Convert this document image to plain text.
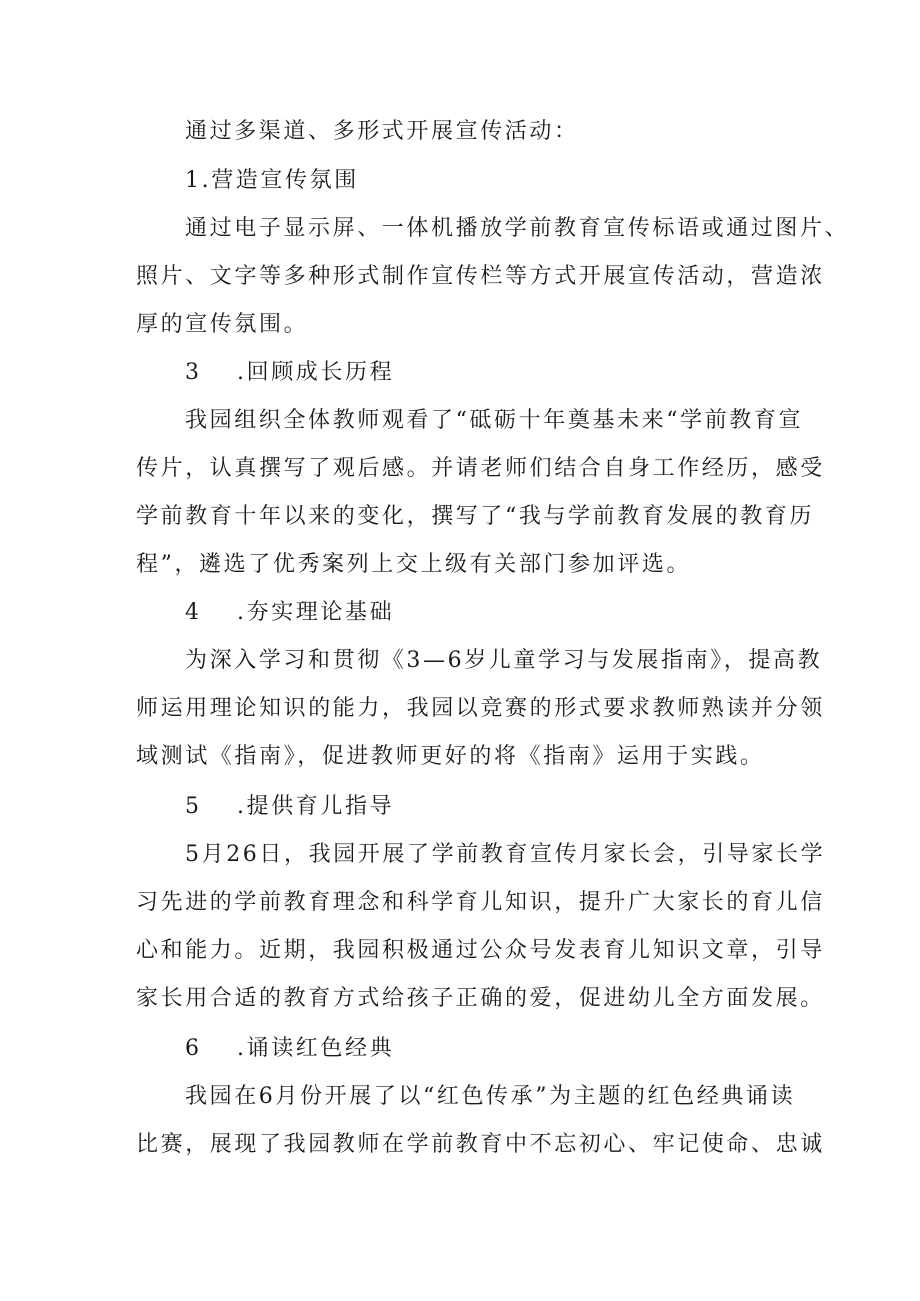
通过多渠道、多形式开展宣传活动：
1.营造宣传氛围
通过电子显示屏、一体机播放学前教育宣传标语或通过图片、
照片、文字等多种形式制作宣传栏等方式开展宣传活动，营造浓
厚的宣传氛围。
3 .回顾成长历程
我园组织全体教师观看了“砥砺十年奠基未来“学前教育宣
传片，认真撰写了观后感。并请老师们结合自身工作经历，感受
学前教育十年以来的变化，撰写了“我与学前教育发展的教育历
程”，遴选了优秀案列上交上级有关部门参加评选。
4 .夯实理论基础
为深入学习和贯彻《3—6岁儿童学习与发展指南》，提高教
师运用理论知识的能力，我园以竞赛的形式要求教师熟读并分领
域测试《指南》，促进教师更好的将《指南》运用于实践。
5 .提供育儿指导
5月26日，我园开展了学前教育宣传月家长会，引导家长学
习先进的学前教育理念和科学育儿知识，提升广大家长的育儿信
心和能力。近期，我园积极通过公众号发表育儿知识文章，引导
家长用合适的教育方式给孩子正确的爱，促进幼儿全方面发展。
6 .诵读红色经典
我园在6月份开展了以“红色传承”为主题的红色经典诵读
比赛，展现了我园教师在学前教育中不忘初心、牢记使命、忠诚
